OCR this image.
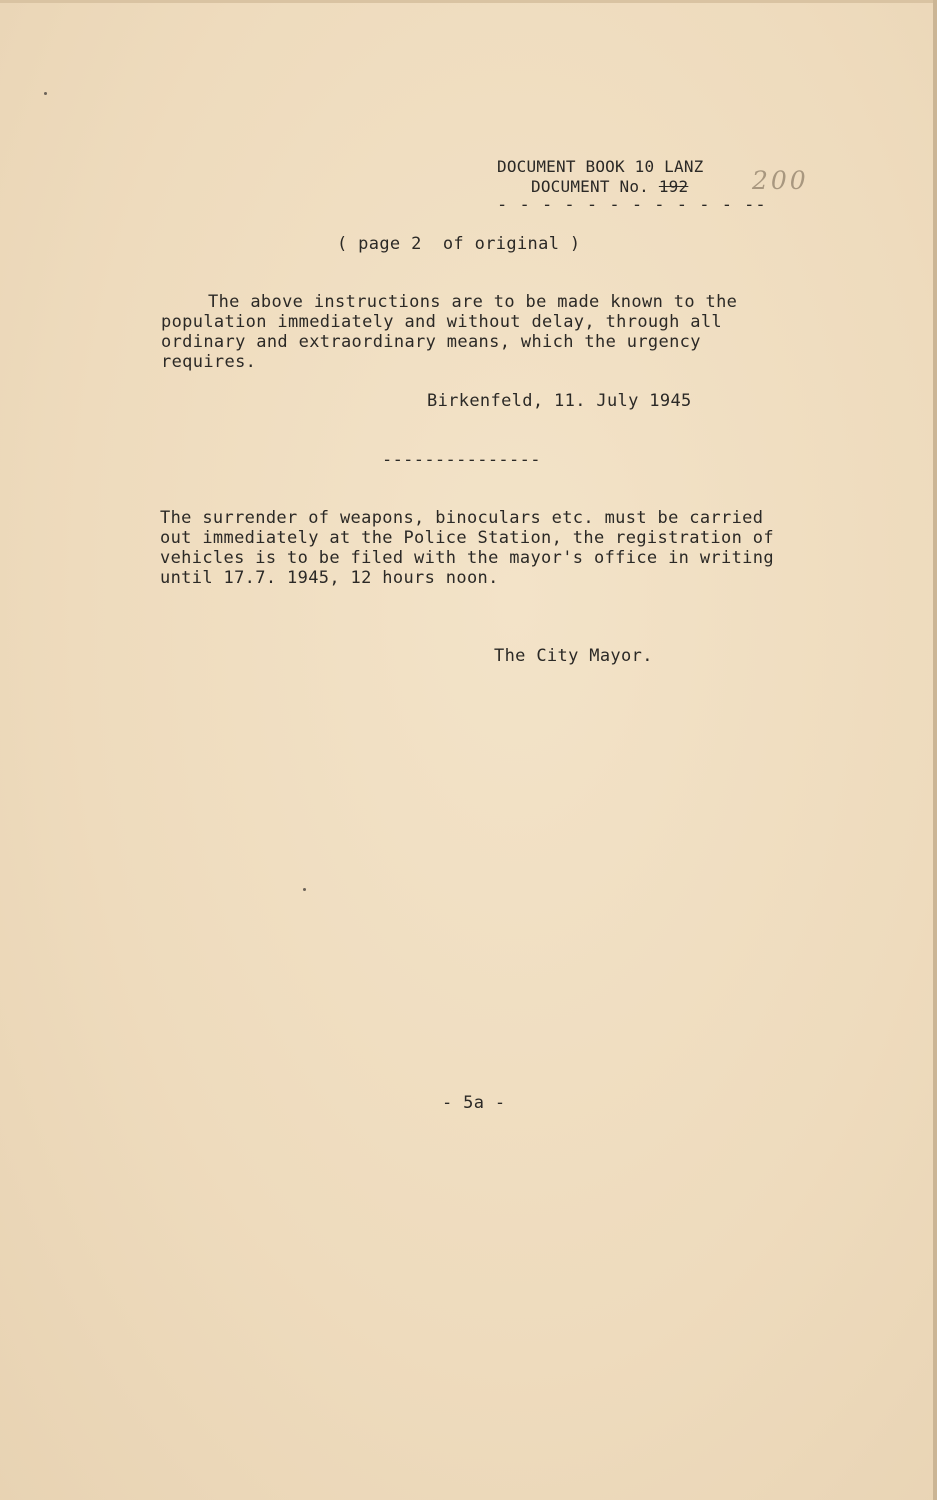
DOCUMENT BOOK 10 LANZ
DOCUMENT No. 192	200
- - - - - - - - - - - --
( page 2  of original )
The above instructions are to be made known to the
population immediately and without delay, through all
ordinary and extraordinary means, which the urgency
requires.
Birkenfeld, 11. July 1945
---------------
The surrender of weapons, binoculars etc. must be carried
out immediately at the Police Station, the registration of
vehicles is to be filed with the mayor's office in writing
until 17.7. 1945, 12 hours noon.
The City Mayor.
- 5a -
